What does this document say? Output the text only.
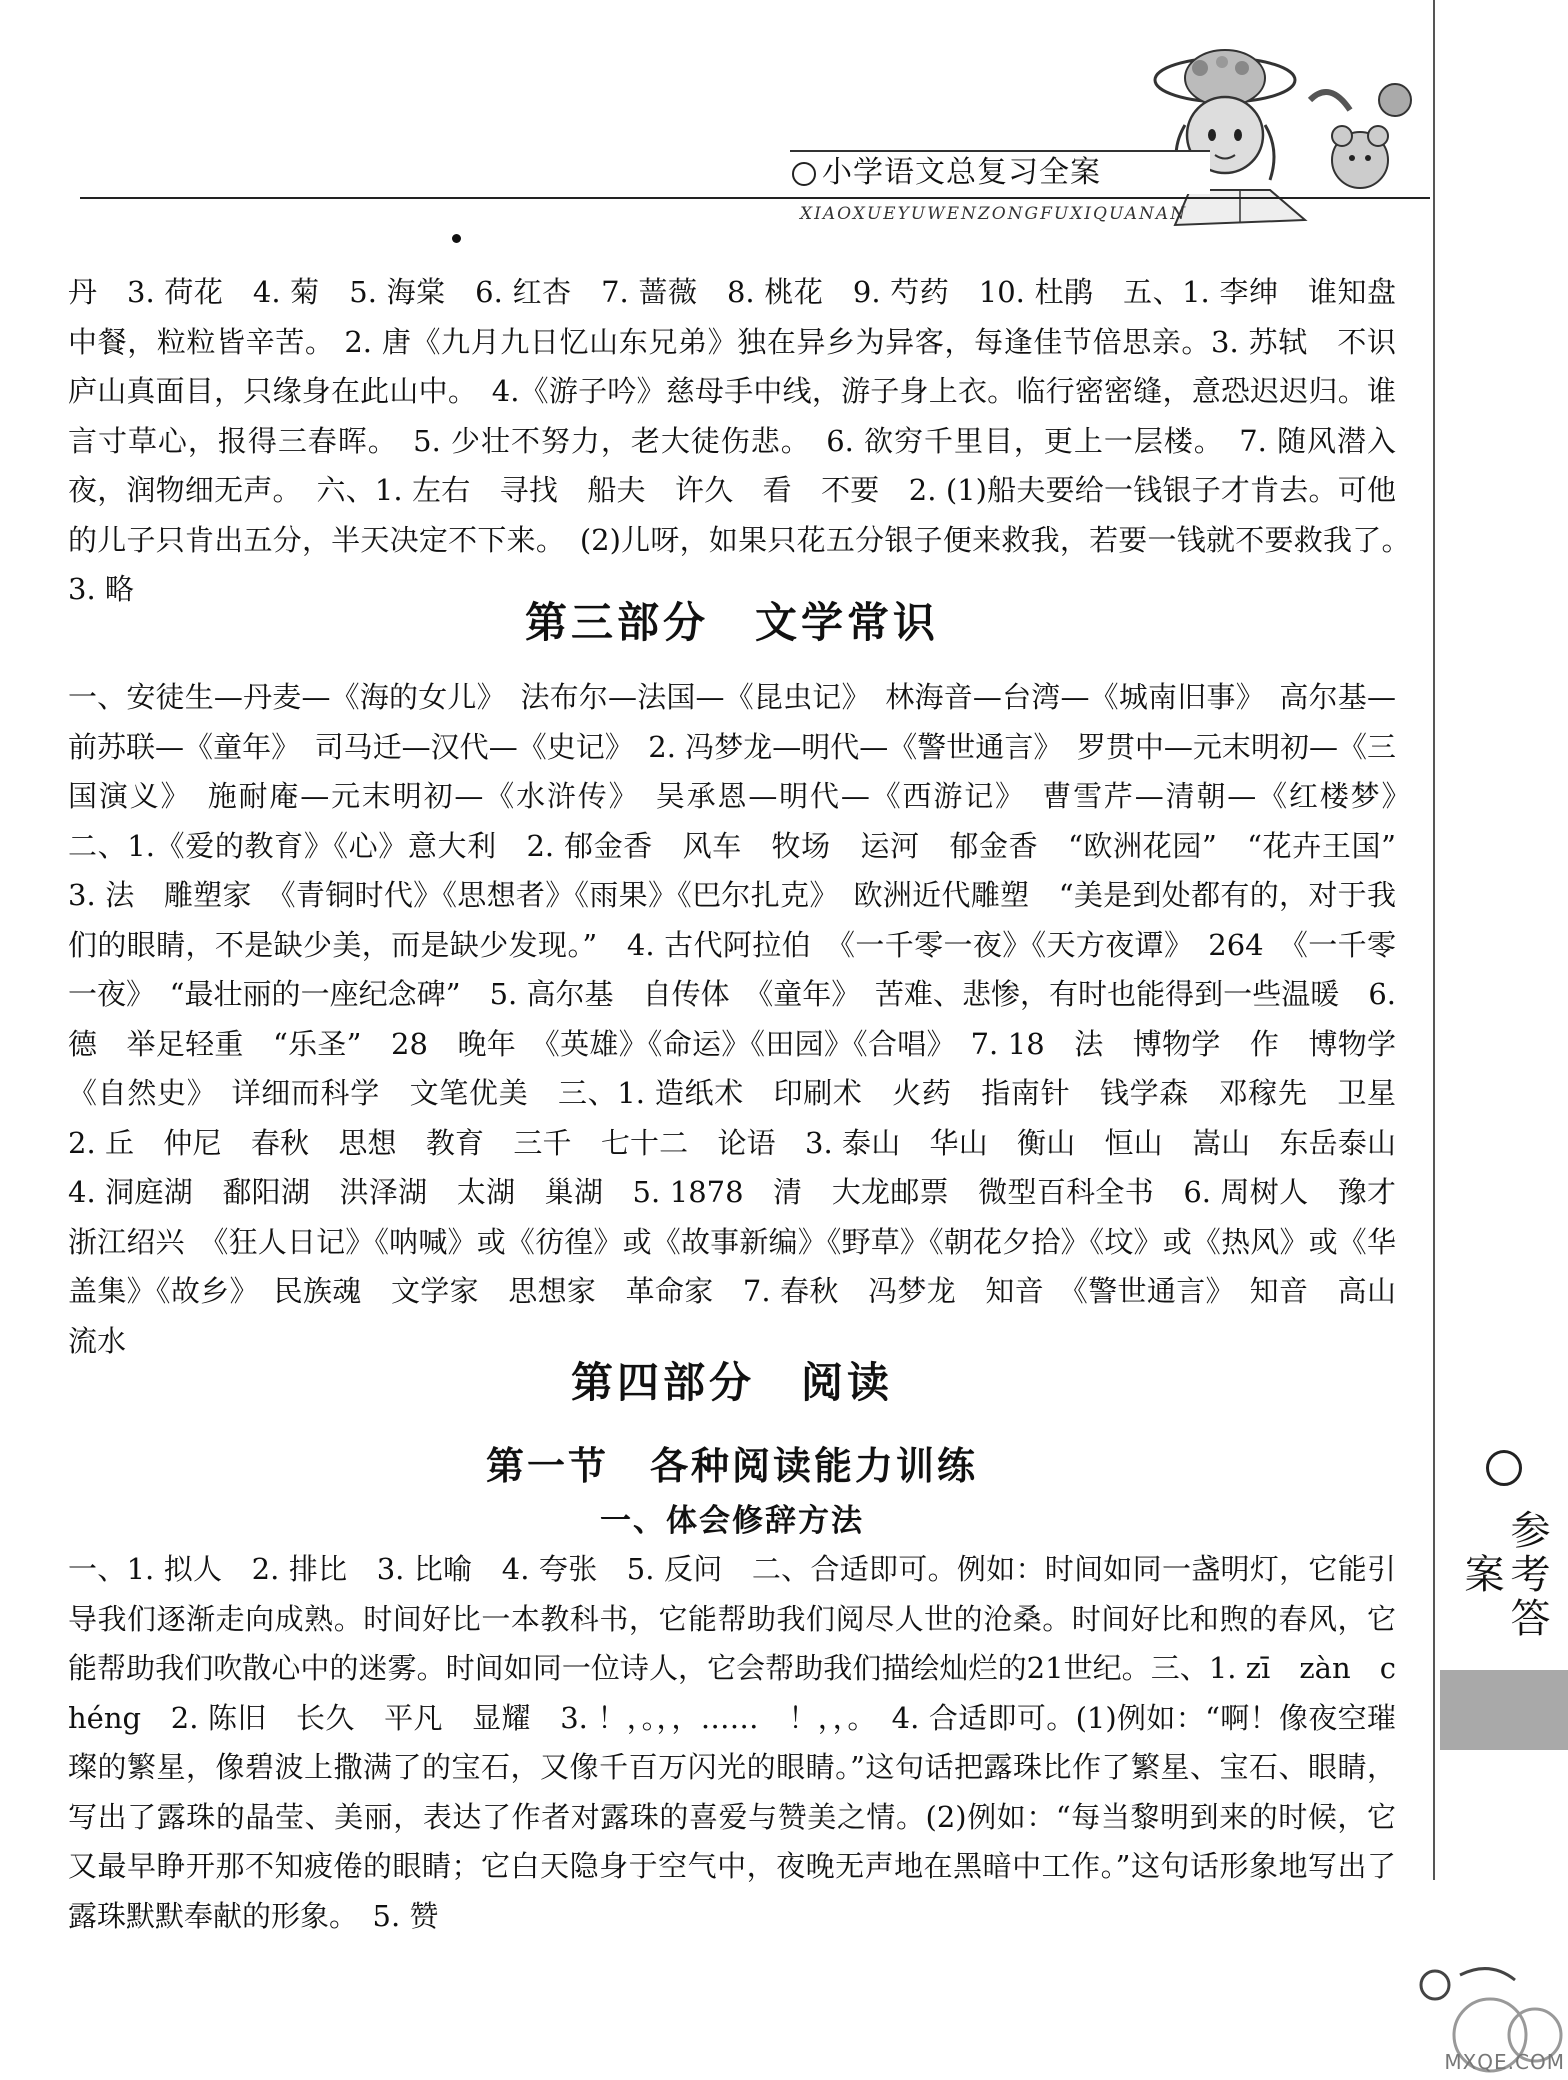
小学语文总复习全案
XIAOXUEYUWENZONGFUXIQUANAN
参考答案
丹　3. 荷花　4. 菊　5. 海棠　6. 红杏　7. 蔷薇　8. 桃花　9. 芍药　10. 杜鹃　五、1. 李绅　谁知盘中餐，粒粒皆辛苦。 2. 唐《九月九日忆山东兄弟》独在异乡为异客，每逢佳节倍思亲。3. 苏轼　不识庐山真面目，只缘身在此山中。　4.《游子吟》慈母手中线，游子身上衣。临行密密缝，意恐迟迟归。谁言寸草心，报得三春晖。　5. 少壮不努力，老大徒伤悲。　6. 欲穷千里目，更上一层楼。　7. 随风潜入夜，润物细无声。　六、1. 左右　寻找　船夫　许久　看　不要　2. (1)船夫要给一钱银子才肯去。可他的儿子只肯出五分，半天决定不下来。　(2)儿呀，如果只花五分银子便来救我，若要一钱就不要救我了。　3. 略
第三部分　文学常识
一、安徒生—丹麦—《海的女儿》　法布尔—法国—《昆虫记》　林海音—台湾—《城南旧事》　高尔基—前苏联—《童年》　司马迁—汉代—《史记》　2. 冯梦龙—明代—《警世通言》　罗贯中—元末明初—《三国演义》　施耐庵—元末明初—《水浒传》　吴承恩—明代—《西游记》　曹雪芹—清朝—《红楼梦》　二、1.《爱的教育》《心》意大利　2. 郁金香　风车　牧场　运河　郁金香　“欧洲花园”　“花卉王国”　3. 法　雕塑家　《青铜时代》《思想者》《雨果》《巴尔扎克》　欧洲近代雕塑　“美是到处都有的，对于我们的眼睛，不是缺少美，而是缺少发现。”　4. 古代阿拉伯　《一千零一夜》《天方夜谭》　264　《一千零一夜》　“最壮丽的一座纪念碑”　5. 高尔基　自传体　《童年》　苦难、悲惨，有时也能得到一些温暖　6. 德　举足轻重　“乐圣”　28　晚年　《英雄》《命运》《田园》《合唱》　7. 18　法　博物学　作　博物学　《自然史》　详细而科学　文笔优美　三、1. 造纸术　印刷术　火药　指南针　钱学森　邓稼先　卫星　2. 丘　仲尼　春秋　思想　教育　三千　七十二　论语　3. 泰山　华山　衡山　恒山　嵩山　东岳泰山　4. 洞庭湖　鄱阳湖　洪泽湖　太湖　巢湖　5. 1878　清　大龙邮票　微型百科全书　6. 周树人　豫才　浙江绍兴　《狂人日记》《呐喊》或《彷徨》或《故事新编》《野草》《朝花夕拾》《坟》或《热风》或《华盖集》《故乡》　民族魂　文学家　思想家　革命家　7. 春秋　冯梦龙　知音　《警世通言》　知音　高山流水
第四部分　阅读
第一节　各种阅读能力训练
一、体会修辞方法
一、1. 拟人　2. 排比　3. 比喻　4. 夸张　5. 反问　二、合适即可。例如：时间如同一盏明灯，它能引导我们逐渐走向成熟。时间好比一本教科书，它能帮助我们阅尽人世的沧桑。时间好比和煦的春风，它能帮助我们吹散心中的迷雾。时间如同一位诗人，它会帮助我们描绘灿烂的21世纪。三、1. zī　zàn　chéng　2. 陈旧　长久　平凡　显耀　3. ！，。，，……　！，，。　4. 合适即可。(1)例如：“啊！像夜空璀璨的繁星，像碧波上撒满了的宝石，又像千百万闪光的眼睛。”这句话把露珠比作了繁星、宝石、眼睛，写出了露珠的晶莹、美丽，表达了作者对露珠的喜爱与赞美之情。(2)例如：“每当黎明到来的时候，它又最早睁开那不知疲倦的眼睛；它白天隐身于空气中，夜晚无声地在黑暗中工作。”这句话形象地写出了露珠默默奉献的形象。　5. 赞
MXQE.COM
